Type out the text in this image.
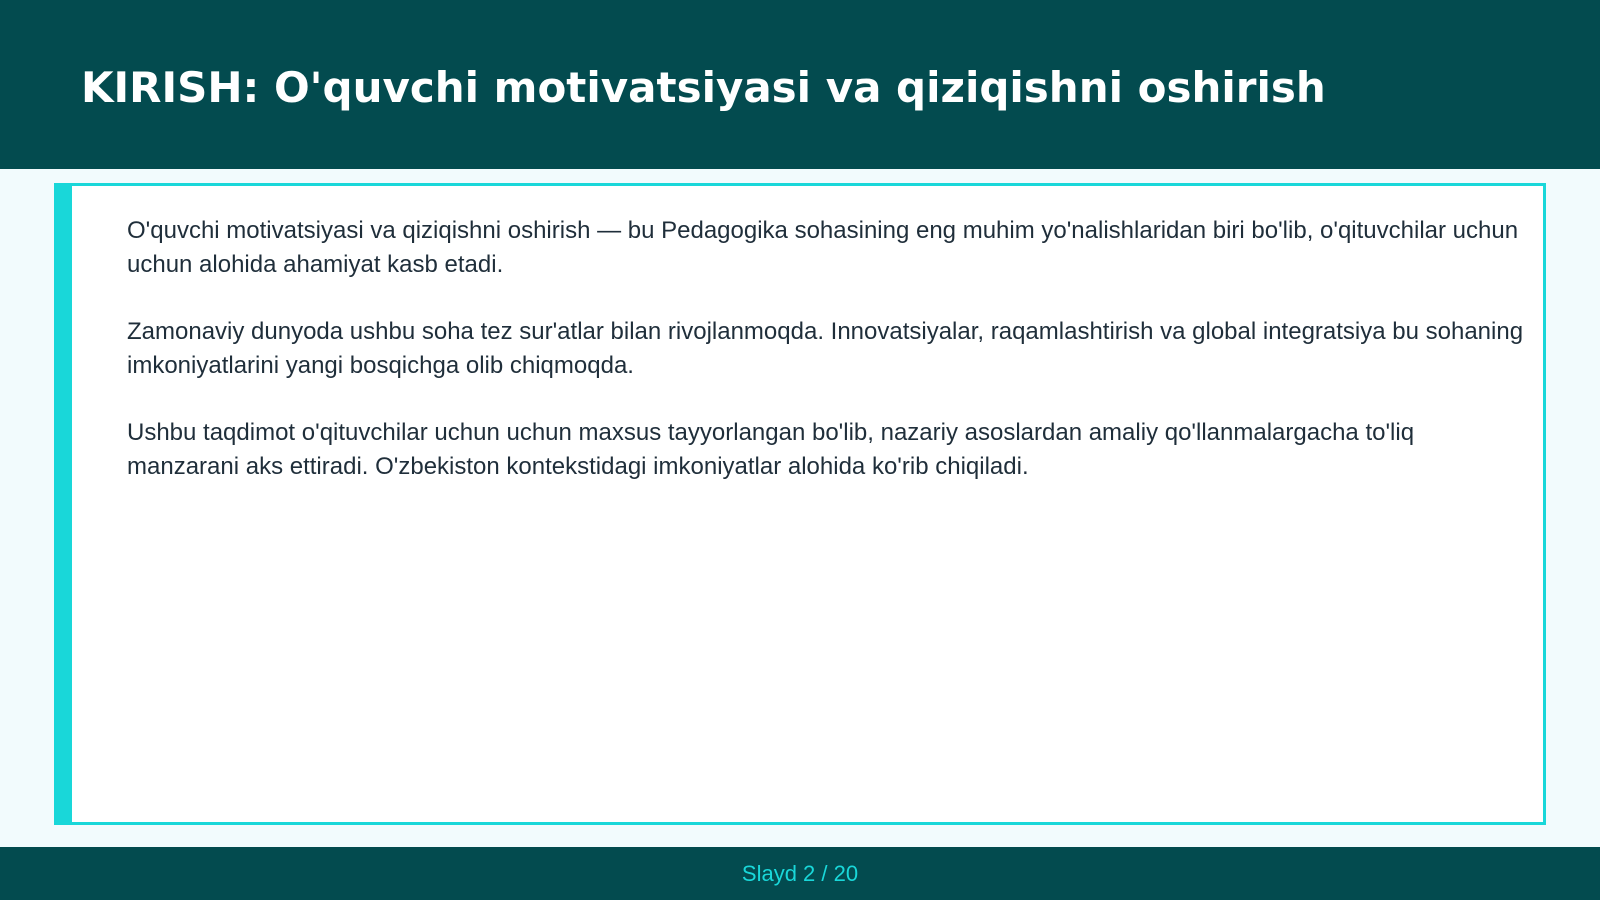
KIRISH: O'quvchi motivatsiyasi va qiziqishni oshirish

O'quvchi motivatsiyasi va qiziqishni oshirish — bu Pedagogika sohasining eng muhim yo'nalishlaridan biri bo'lib, o'qituvchilar uchun uchun alohida ahamiyat kasb etadi.

Zamonaviy dunyoda ushbu soha tez sur'atlar bilan rivojlanmoqda. Innovatsiyalar, raqamlashtirish va global integratsiya bu sohaning imkoniyatlarini yangi bosqichga olib chiqmoqda.

Ushbu taqdimot o'qituvchilar uchun uchun maxsus tayyorlangan bo'lib, nazariy asoslardan amaliy qo'llanmalargacha to'liq manzarani aks ettiradi. O'zbekiston kontekstidagi imkoniyatlar alohida ko'rib chiqiladi.

Slayd 2 / 20
